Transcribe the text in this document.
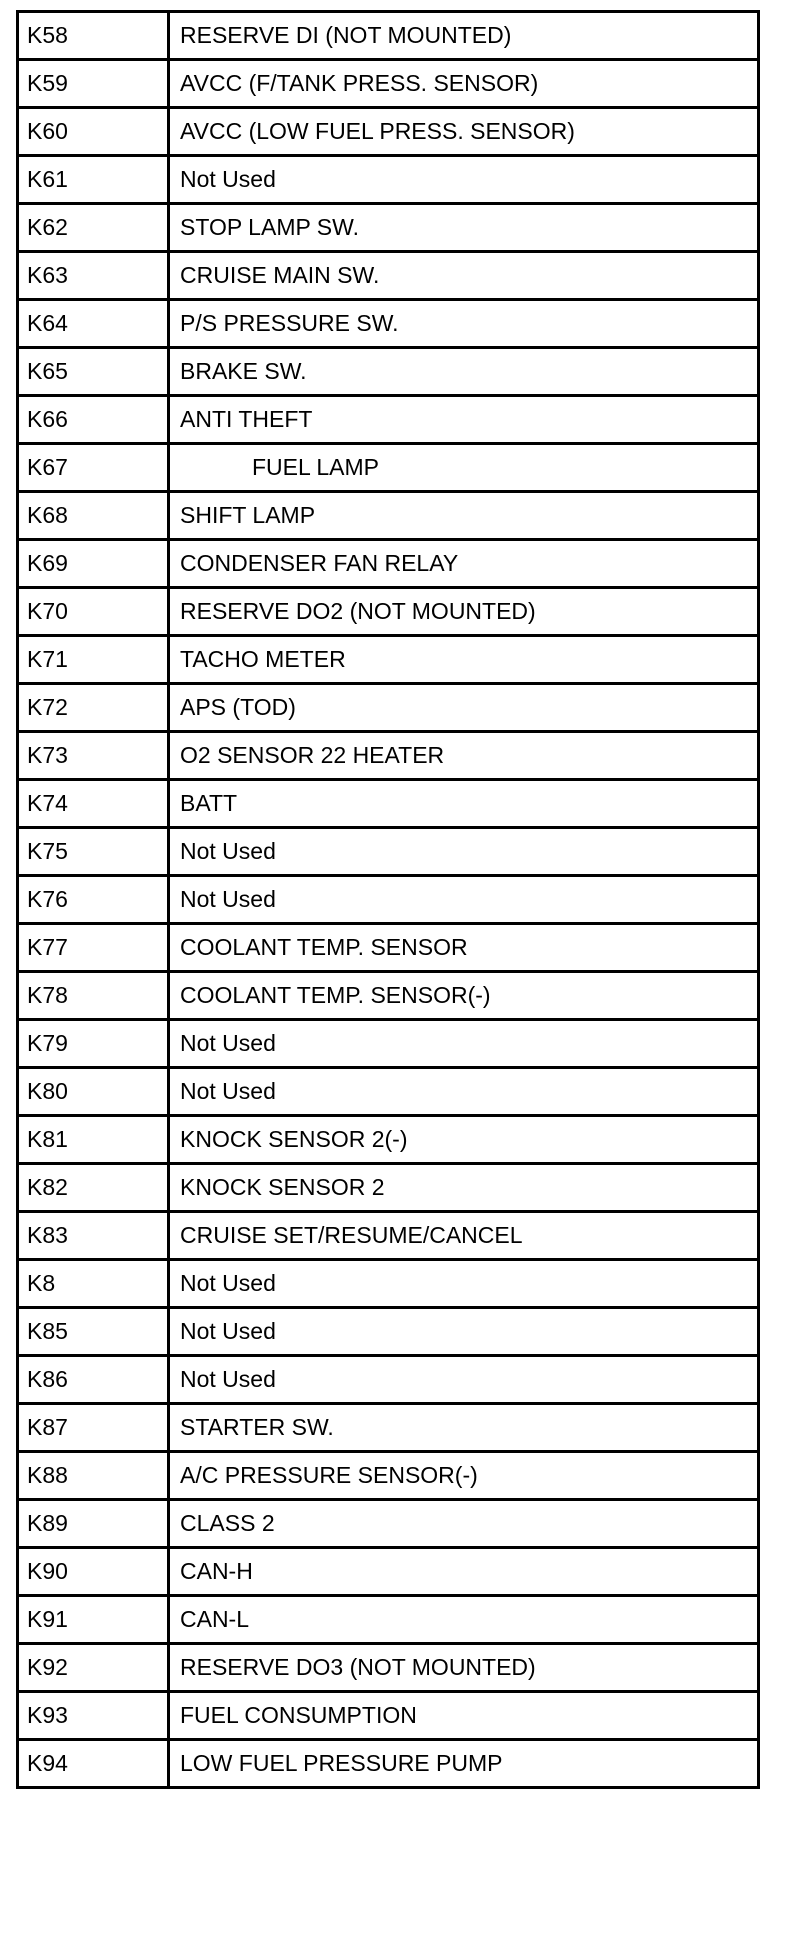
K58	RESERVE DI (NOT MOUNTED)
K59	AVCC (F/TANK PRESS. SENSOR)
K60	AVCC (LOW FUEL PRESS. SENSOR)
K61	Not Used
K62	STOP LAMP SW.
K63	CRUISE MAIN SW.
K64	P/S PRESSURE SW.
K65	BRAKE SW.
K66	ANTI THEFT
K67	FUEL LAMP
K68	SHIFT LAMP
K69	CONDENSER FAN RELAY
K70	RESERVE DO2 (NOT MOUNTED)
K71	TACHO METER
K72	APS (TOD)
K73	O2 SENSOR 22 HEATER
K74	BATT
K75	Not Used
K76	Not Used
K77	COOLANT TEMP. SENSOR
K78	COOLANT TEMP. SENSOR(-)
K79	Not Used
K80	Not Used
K81	KNOCK SENSOR 2(-)
K82	KNOCK SENSOR 2
K83	CRUISE SET/RESUME/CANCEL
K8	Not Used
K85	Not Used
K86	Not Used
K87	STARTER SW.
K88	A/C PRESSURE SENSOR(-)
K89	CLASS 2
K90	CAN-H
K91	CAN-L
K92	RESERVE DO3 (NOT MOUNTED)
K93	FUEL CONSUMPTION
K94	LOW FUEL PRESSURE PUMP
